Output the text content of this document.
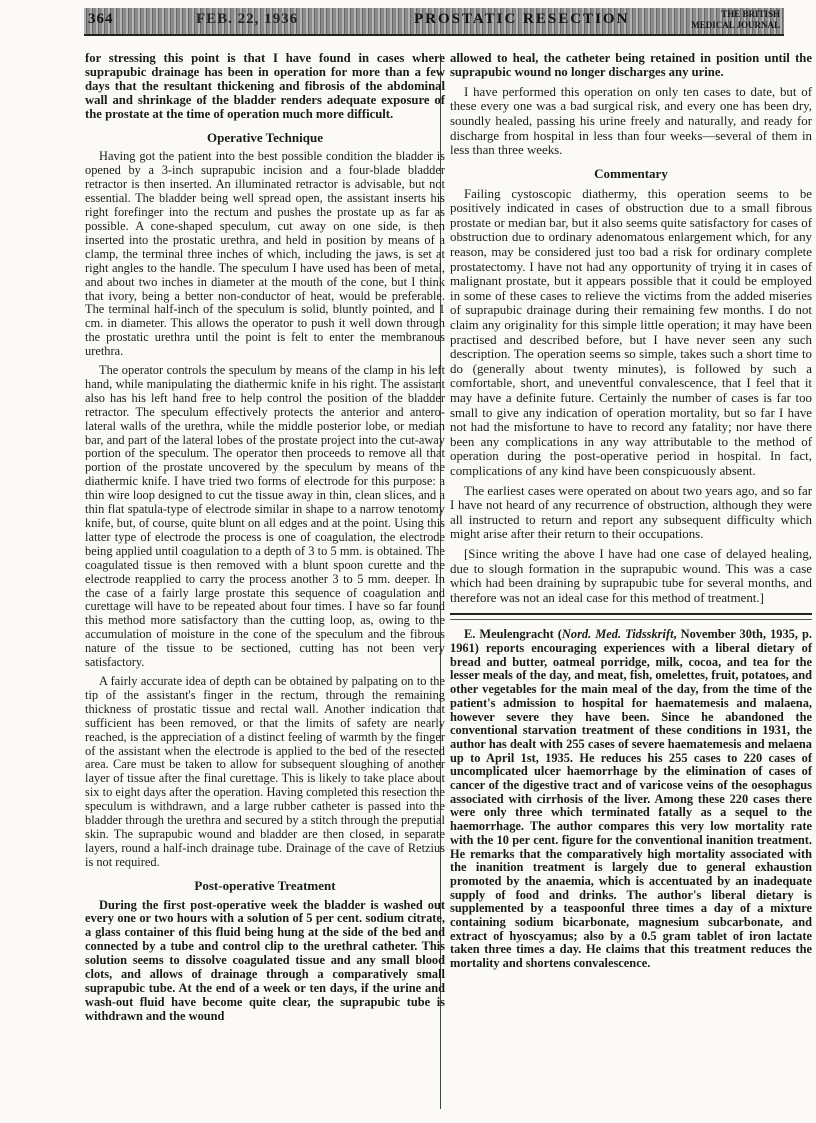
364	FEB. 22, 1936	PROSTATIC RESECTION	THE BRITISH
MEDICAL JOURNAL

for stressing this point is that I have found in cases where suprapubic drainage has been in operation for more than a few days that the resultant thickening and fibrosis of the abdominal wall and shrinkage of the bladder renders adequate exposure of the prostate at the time of operation much more difficult.

Operative Technique

Having got the patient into the best possible condition the bladder is opened by a 3-inch suprapubic incision and a four-blade bladder retractor is then inserted. An illuminated retractor is advisable, but not essential. The bladder being well spread open, the assistant inserts his right forefinger into the rectum and pushes the prostate up as far as possible. A cone-shaped speculum, cut away on one side, is then inserted into the prostatic urethra, and held in position by means of a clamp, the terminal three inches of which, including the jaws, is set at right angles to the handle. The speculum I have used has been of metal, and about two inches in diameter at the mouth of the cone, but I think that ivory, being a better non-conductor of heat, would be preferable. The terminal half-inch of the speculum is solid, bluntly pointed, and 1 cm. in diameter. This allows the operator to push it well down through the prostatic urethra until the point is felt to enter the membranous urethra.

The operator controls the speculum by means of the clamp in his left hand, while manipulating the diathermic knife in his right. The assistant also has his left hand free to help control the position of the bladder retractor. The speculum effectively protects the anterior and antero-lateral walls of the urethra, while the middle posterior lobe, or median bar, and part of the lateral lobes of the prostate project into the cut-away portion of the speculum. The operator then proceeds to remove all that portion of the prostate uncovered by the speculum by means of the diathermic knife. I have tried two forms of electrode for this purpose: a thin wire loop designed to cut the tissue away in thin, clean slices, and a thin flat spatula-type of electrode similar in shape to a narrow tenotomy knife, but, of course, quite blunt on all edges and at the point. Using this latter type of electrode the process is one of coagulation, the electrode being applied until coagulation to a depth of 3 to 5 mm. is obtained. The coagulated tissue is then removed with a blunt spoon curette and the electrode reapplied to carry the process another 3 to 5 mm. deeper. In the case of a fairly large prostate this sequence of coagulation and curettage will have to be repeated about four times. I have so far found this method more satisfactory than the cutting loop, as, owing to the accumulation of moisture in the cone of the speculum and the fibrous nature of the tissue to be sectioned, cutting has not been very satisfactory.

A fairly accurate idea of depth can be obtained by palpating on to the tip of the assistant's finger in the rectum, through the remaining thickness of prostatic tissue and rectal wall. Another indication that sufficient has been removed, or that the limits of safety are nearly reached, is the appreciation of a distinct feeling of warmth by the finger of the assistant when the electrode is applied to the bed of the resected area. Care must be taken to allow for subsequent sloughing of another layer of tissue after the final curettage. This is likely to take place about six to eight days after the operation. Having completed this resection the speculum is withdrawn, and a large rubber catheter is passed into the bladder through the urethra and secured by a stitch through the preputial skin. The suprapubic wound and bladder are then closed, in separate layers, round a half-inch drainage tube. Drainage of the cave of Retzius is not required.

Post-operative Treatment

During the first post-operative week the bladder is washed out every one or two hours with a solution of 5 per cent. sodium citrate, a glass container of this fluid being hung at the side of the bed and connected by a tube and control clip to the urethral catheter. This solution seems to dissolve coagulated tissue and any small blood clots, and allows of drainage through a comparatively small suprapubic tube. At the end of a week or ten days, if the urine and wash-out fluid have become quite clear, the suprapubic tube is withdrawn and the wound

allowed to heal, the catheter being retained in position until the suprapubic wound no longer discharges any urine.

I have performed this operation on only ten cases to date, but of these every one was a bad surgical risk, and every one has been dry, soundly healed, passing his urine freely and naturally, and ready for discharge from hospital in less than four weeks—several of them in less than three weeks.

Commentary

Failing cystoscopic diathermy, this operation seems to be positively indicated in cases of obstruction due to a small fibrous prostate or median bar, but it also seems quite satisfactory for cases of obstruction due to ordinary adenomatous enlargement which, for any reason, may be considered just too bad a risk for ordinary complete prostatectomy. I have not had any opportunity of trying it in cases of malignant prostate, but it appears possible that it could be employed in some of these cases to relieve the victims from the added miseries of suprapubic drainage during their remaining few months. I do not claim any originality for this simple little operation; it may have been practised and described before, but I have never seen any such description. The operation seems so simple, takes such a short time to do (generally about twenty minutes), is followed by such a comfortable, short, and uneventful convalescence, that I feel that it may have a definite future. Certainly the number of cases is far too small to give any indication of operation mortality, but so far I have not had the misfortune to have to record any fatality; nor have there been any complications in any way attributable to the method of operation during the post-operative period in hospital. In fact, complications of any kind have been conspicuously absent.

The earliest cases were operated on about two years ago, and so far I have not heard of any recurrence of obstruction, although they were all instructed to return and report any subsequent difficulty which might arise after their return to their occupations.

[Since writing the above I have had one case of delayed healing, due to slough formation in the suprapubic wound. This was a case which had been draining by suprapubic tube for several months, and therefore was not an ideal case for this method of treatment.]

E. Meulengracht (Nord. Med. Tidsskrift, November 30th, 1935, p. 1961) reports encouraging experiences with a liberal dietary of bread and butter, oatmeal porridge, milk, cocoa, and tea for the lesser meals of the day, and meat, fish, omelettes, fruit, potatoes, and other vegetables for the main meal of the day, from the time of the patient's admission to hospital for haematemesis and malaena, however severe they have been. Since he abandoned the conventional starvation treatment of these conditions in 1931, the author has dealt with 255 cases of severe haematemesis and melaena up to April 1st, 1935. He reduces his 255 cases to 220 cases of uncomplicated ulcer haemorrhage by the elimination of cases of cancer of the digestive tract and of varicose veins of the oesophagus associated with cirrhosis of the liver. Among these 220 cases there were only three which terminated fatally as a sequel to the haemorrhage. The author compares this very low mortality rate with the 10 per cent. figure for the conventional inanition treatment. He remarks that the comparatively high mortality associated with the inanition treatment is largely due to general exhaustion promoted by the anaemia, which is accentuated by an inadequate supply of food and drinks. The author's liberal dietary is supplemented by a teaspoonful three times a day of a mixture containing sodium bicarbonate, magnesium subcarbonate, and extract of hyoscyamus; also by a 0.5 gram tablet of iron lactate taken three times a day. He claims that this treatment reduces the mortality and shortens convalescence.
